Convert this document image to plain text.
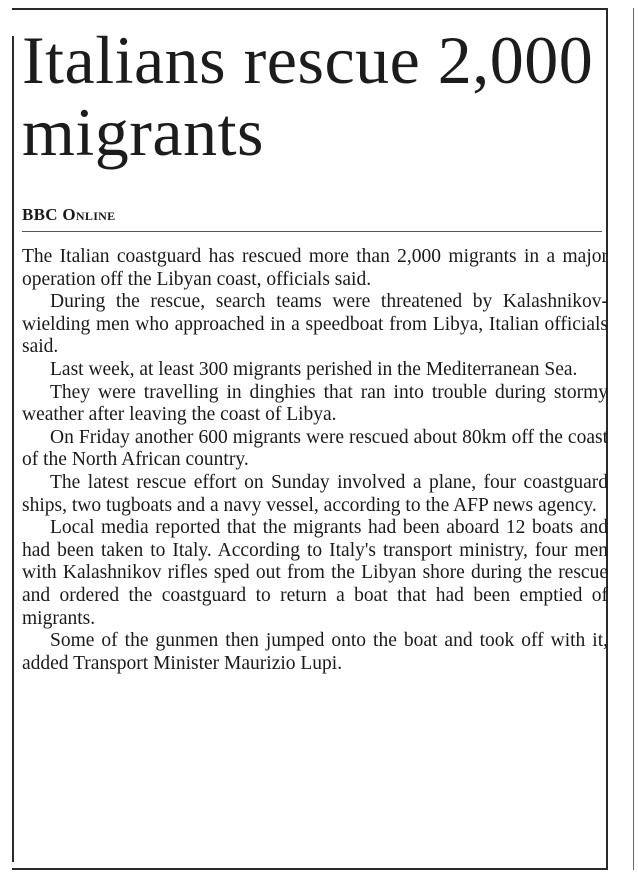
Italians rescue 2,000 migrants
BBC Online

The Italian coastguard has rescued more than 2,000 migrants in a major operation off the Libyan coast, officials said.

During the rescue, search teams were threatened by Kalashnikov-wielding men who approached in a speedboat from Libya, Italian officials said.

Last week, at least 300 migrants perished in the Mediterranean Sea.

They were travelling in dinghies that ran into trouble during stormy weather after leaving the coast of Libya.

On Friday another 600 migrants were rescued about 80km off the coast of the North African country.

The latest rescue effort on Sunday involved a plane, four coastguard ships, two tugboats and a navy vessel, according to the AFP news agency.

Local media reported that the migrants had been aboard 12 boats and had been taken to Italy. According to Italy's transport ministry, four men with Kalashnikov rifles sped out from the Libyan shore during the rescue and ordered the coastguard to return a boat that had been emptied of migrants.

Some of the gunmen then jumped onto the boat and took off with it, added Transport Minister Maurizio Lupi.
